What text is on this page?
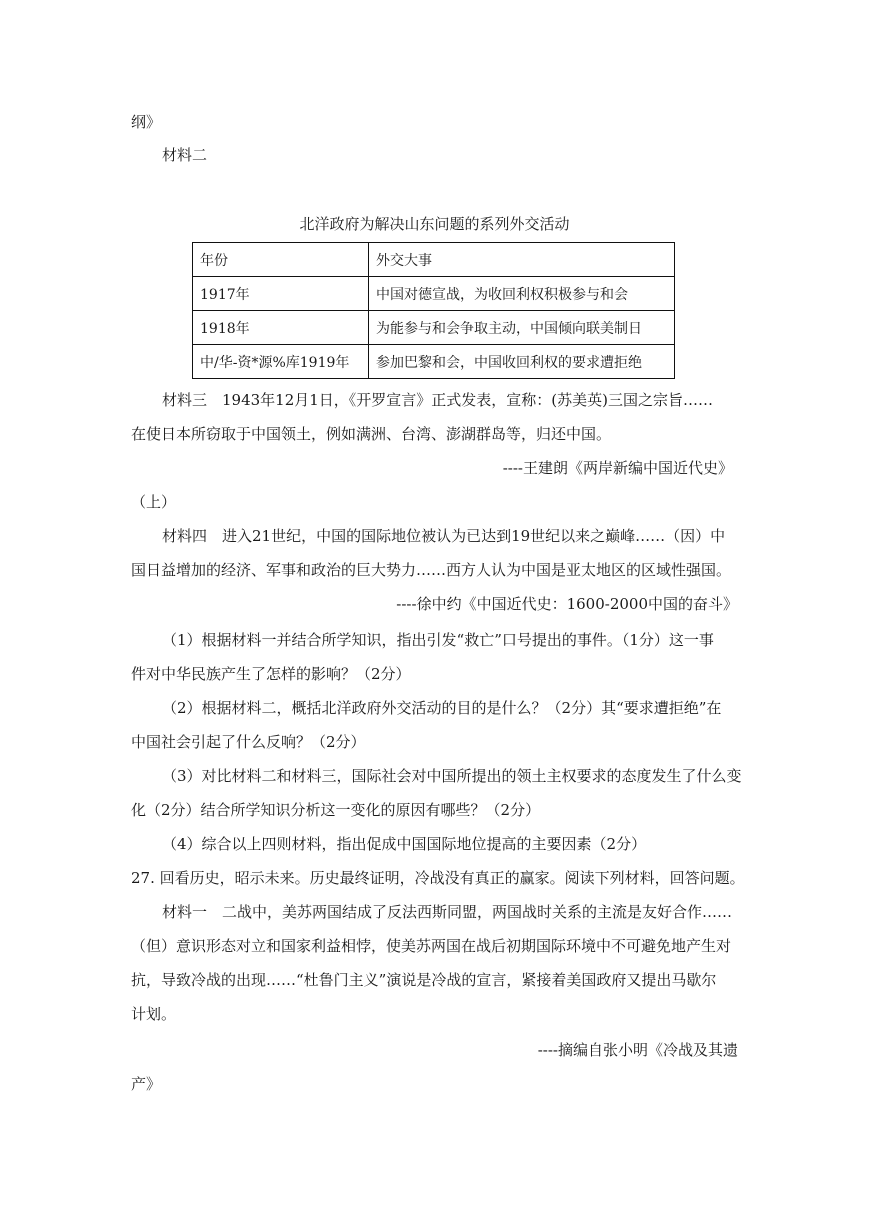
纲》
材料二
北洋政府为解决山东问题的系列外交活动
年份	外交大事
1917年	中国对德宣战，为收回利权积极参与和会
1918年	为能参与和会争取主动，中国倾向联美制日
中/华-资*源%库1919年	参加巴黎和会，中国收回利权的要求遭拒绝
材料三　1943年12月1日，《开罗宣言》正式发表，宣称：(苏美英)三国之宗旨……
在使日本所窃取于中国领土，例如满洲、台湾、澎湖群岛等，归还中国。
----王建朗《两岸新编中国近代史》
（上）
材料四　进入21世纪，中国的国际地位被认为已达到19世纪以来之巅峰……（因）中
国日益增加的经济、军事和政治的巨大势力……西方人认为中国是亚太地区的区域性强国。
----徐中约《中国近代史：1600-2000中国的奋斗》
（1）根据材料一并结合所学知识，指出引发“救亡”口号提出的事件。（1分）这一事
件对中华民族产生了怎样的影响？（2分）
（2）根据材料二，概括北洋政府外交活动的目的是什么？（2分）其“要求遭拒绝”在
中国社会引起了什么反响？（2分）
（3）对比材料二和材料三，国际社会对中国所提出的领土主权要求的态度发生了什么变
化（2分）结合所学知识分析这一变化的原因有哪些？（2分）
（4）综合以上四则材料，指出促成中国国际地位提高的主要因素（2分）
27. 回看历史，昭示未来。历史最终证明，冷战没有真正的赢家。阅读下列材料，回答问题。
材料一　二战中，美苏两国结成了反法西斯同盟，两国战时关系的主流是友好合作……
（但）意识形态对立和国家利益相悖，使美苏两国在战后初期国际环境中不可避免地产生对
抗，导致冷战的出现……“杜鲁门主义”演说是冷战的宣言，紧接着美国政府又提出马歇尔
计划。
----摘编自张小明《冷战及其遗
产》
